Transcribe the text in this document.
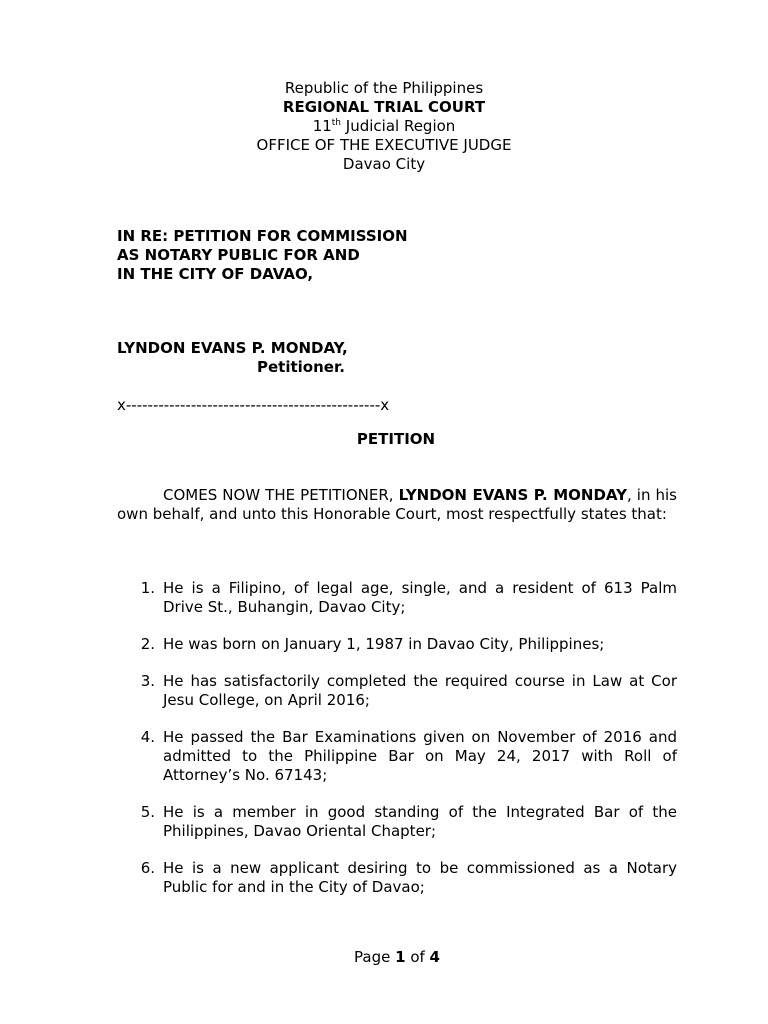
Republic of the Philippines
REGIONAL TRIAL COURT
11th Judicial Region
OFFICE OF THE EXECUTIVE JUDGE
Davao City
IN RE: PETITION FOR COMMISSION
AS NOTARY PUBLIC FOR AND
IN THE CITY OF DAVAO,
LYNDON EVANS P. MONDAY,
Petitioner.
x-----------------------------------------------x
PETITION
COMES NOW THE PETITIONER, LYNDON EVANS P. MONDAY, in his own behalf, and unto this Honorable Court, most respectfully states that:
1. He is a Filipino, of legal age, single, and a resident of 613 Palm Drive St., Buhangin, Davao City;
2. He was born on January 1, 1987 in Davao City, Philippines;
3. He has satisfactorily completed the required course in Law at Cor Jesu College, on April 2016;
4. He passed the Bar Examinations given on November of 2016 and admitted to the Philippine Bar on May 24, 2017 with Roll of Attorney’s No. 67143;
5. He is a member in good standing of the Integrated Bar of the Philippines, Davao Oriental Chapter;
6. He is a new applicant desiring to be commissioned as a Notary Public for and in the City of Davao;
Page 1 of 4
